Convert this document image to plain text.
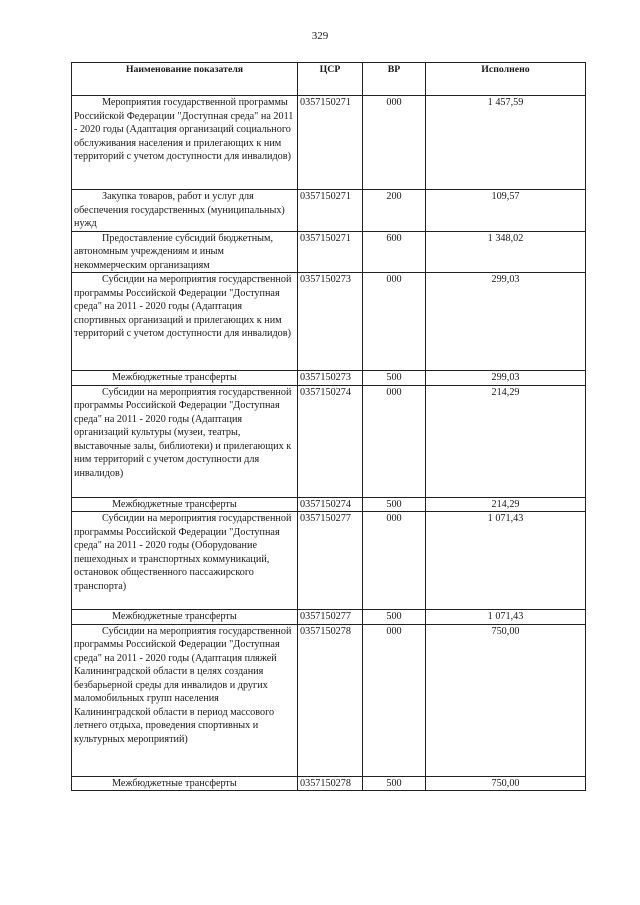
329
Наименование показателя	ЦСР	ВР	Исполнено
Мероприятия государственной программы Российской Федерации "Доступная среда" на 2011 - 2020 годы (Адаптация организаций социального обслуживания населения и прилегающих к ним территорий с учетом доступности для инвалидов)	0357150271	000	1 457,59
Закупка товаров, работ и услуг для обеспечения государственных (муниципальных) нужд	0357150271	200	109,57
Предоставление субсидий бюджетным, автономным учреждениям и иным некоммерческим организациям	0357150271	600	1 348,02
Субсидии на мероприятия государственной программы Российской Федерации "Доступная среда" на 2011 - 2020 годы (Адаптация спортивных организаций и прилегающих к ним территорий с учетом доступности для инвалидов)	0357150273	000	299,03
Межбюджетные трансферты	0357150273	500	299,03
Субсидии на мероприятия государственной программы Российской Федерации "Доступная среда" на 2011 - 2020 годы (Адаптация организаций культуры (музеи, театры, выставочные залы, библиотеки) и прилегающих к ним территорий с учетом доступности для инвалидов)	0357150274	000	214,29
Межбюджетные трансферты	0357150274	500	214,29
Субсидии на мероприятия государственной программы Российской Федерации "Доступная среда" на 2011 - 2020 годы (Оборудование пешеходных и транспортных коммуникаций, остановок общественного пассажирского транспорта)	0357150277	000	1 071,43
Межбюджетные трансферты	0357150277	500	1 071,43
Субсидии на мероприятия государственной программы Российской Федерации "Доступная среда" на 2011 - 2020 годы (Адаптация пляжей Калининградской области в целях создания безбарьерной среды для инвалидов и других маломобильных групп населения Калининградской области в период массового летнего отдыха, проведения спортивных и культурных мероприятий)	0357150278	000	750,00
Межбюджетные трансферты	0357150278	500	750,00
